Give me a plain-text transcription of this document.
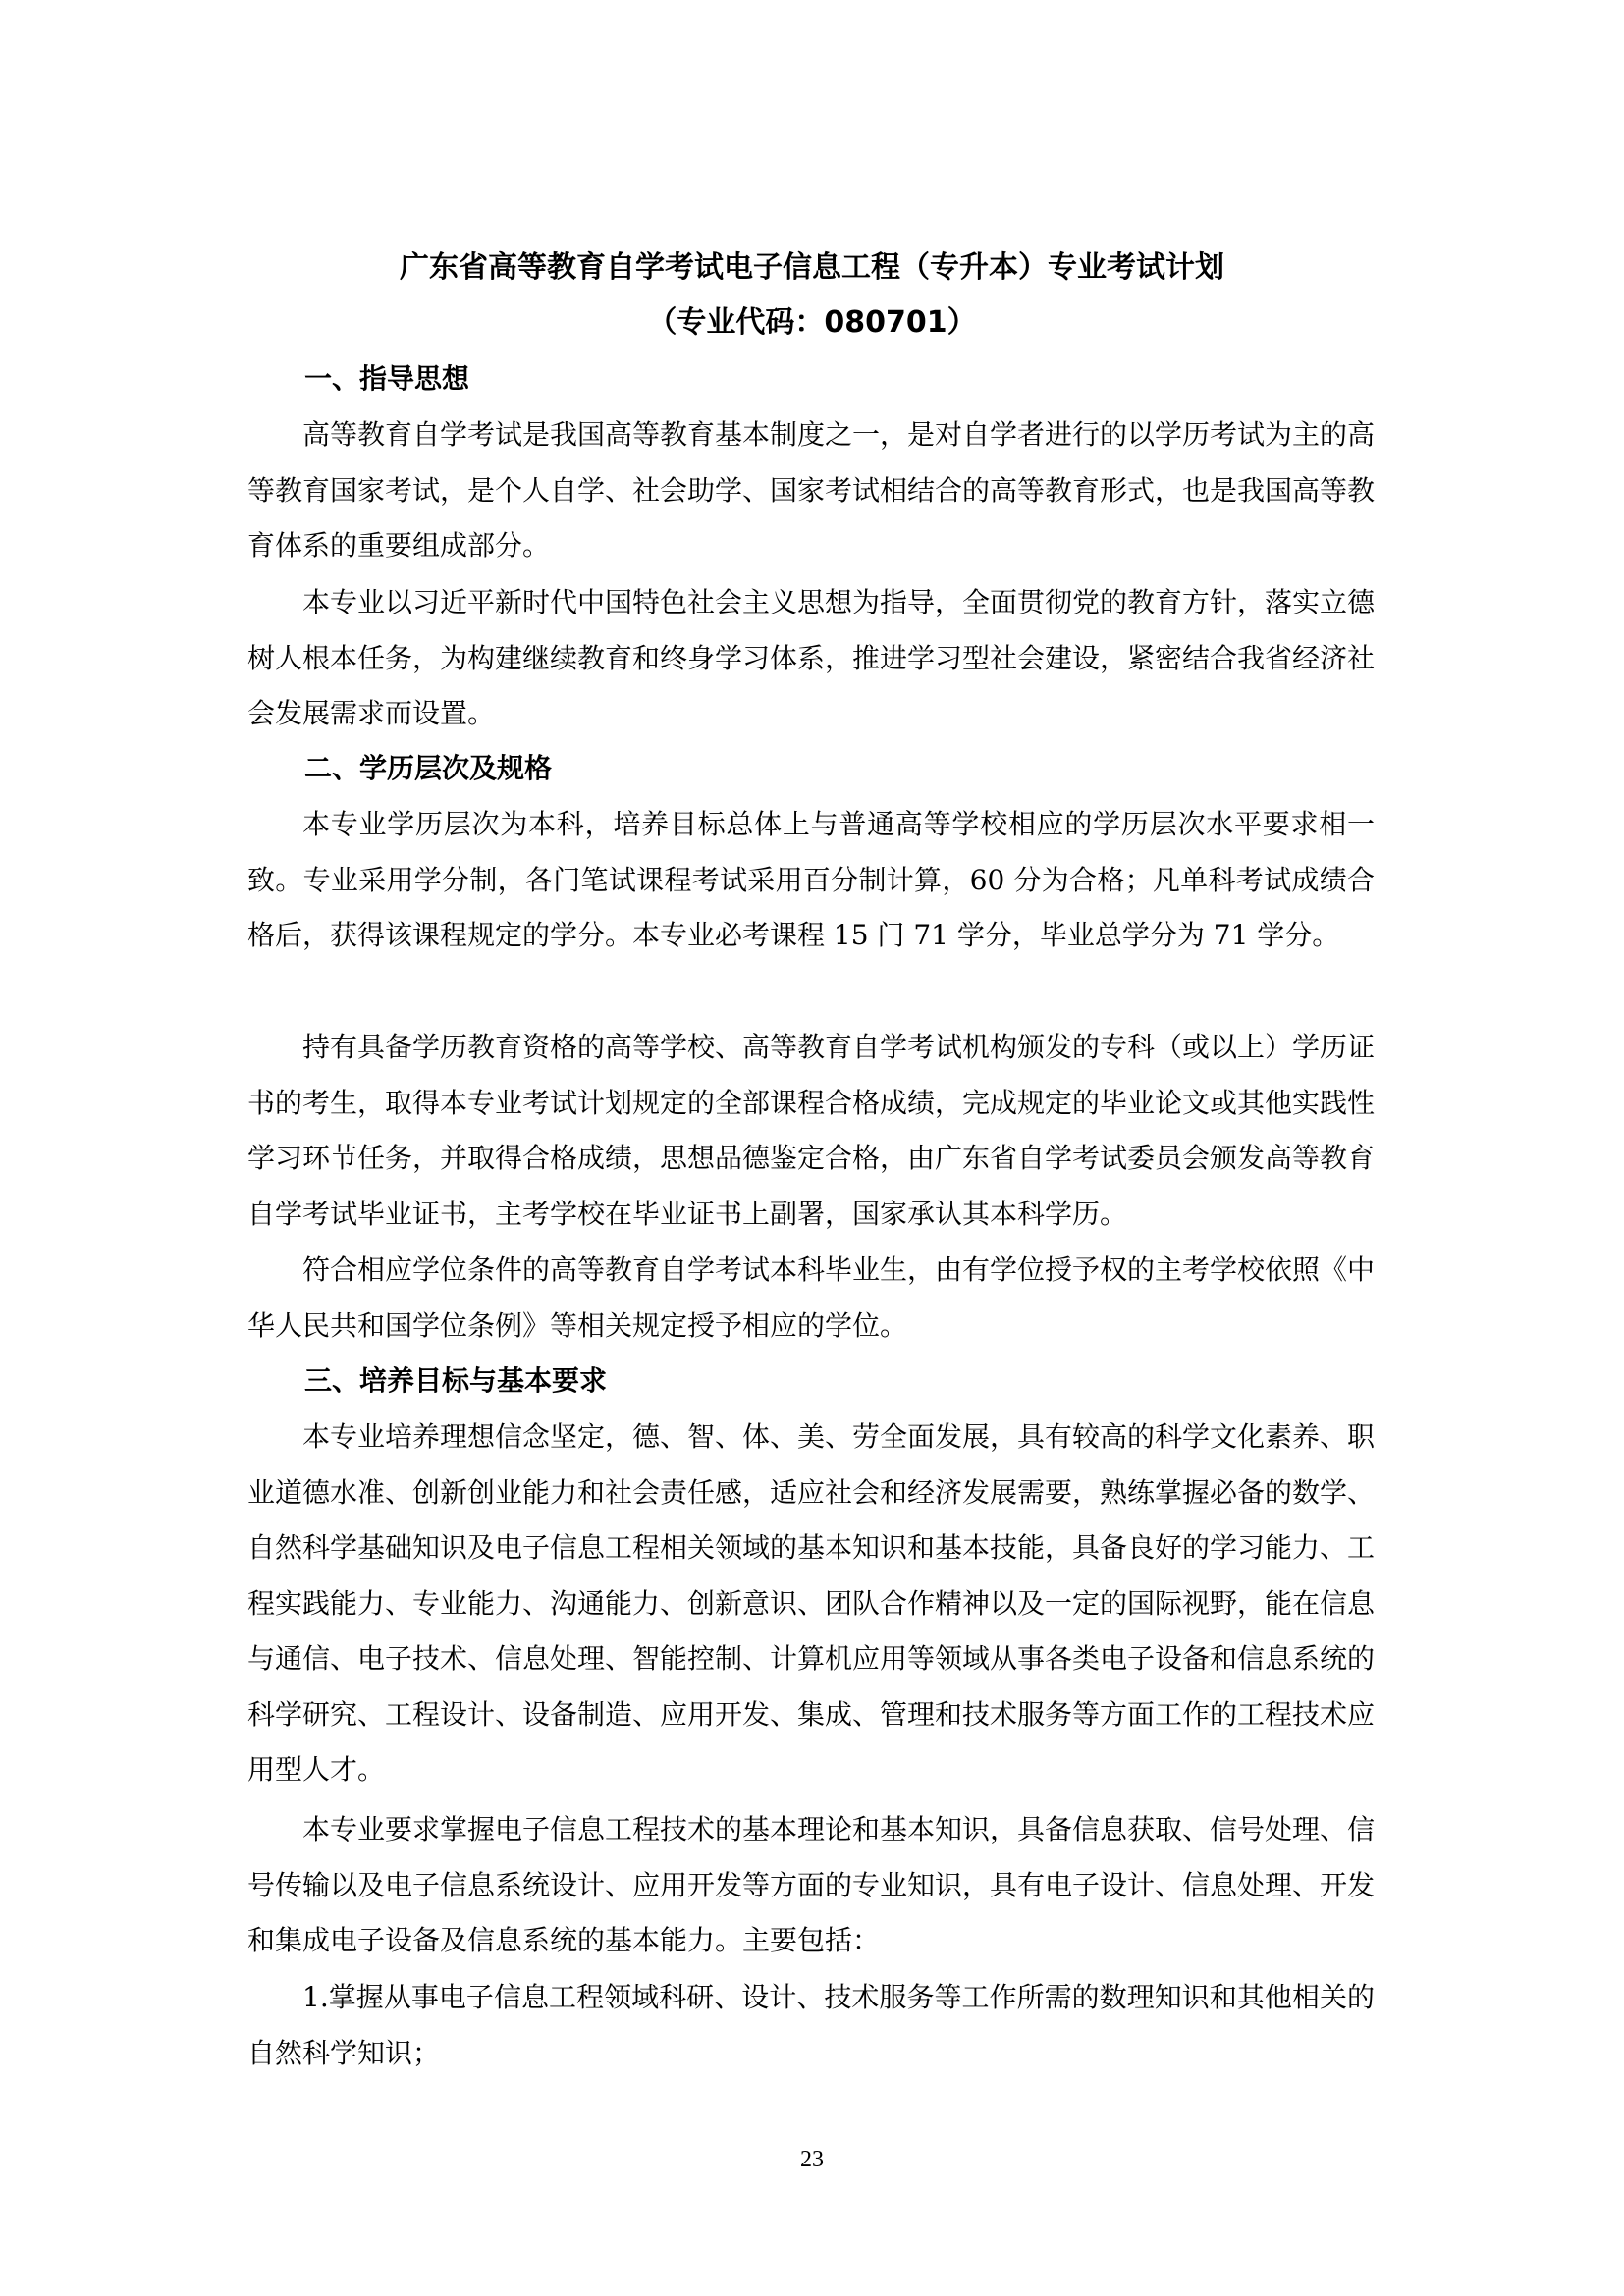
广东省高等教育自学考试电子信息工程（专升本）专业考试计划
（专业代码：080701）
一、指导思想

高等教育自学考试是我国高等教育基本制度之一，是对自学者进行的以学历考试为主的高等教育国家考试，是个人自学、社会助学、国家考试相结合的高等教育形式，也是我国高等教育体系的重要组成部分。

本专业以习近平新时代中国特色社会主义思想为指导，全面贯彻党的教育方针，落实立德树人根本任务，为构建继续教育和终身学习体系，推进学习型社会建设，紧密结合我省经济社会发展需求而设置。

二、学历层次及规格

本专业学历层次为本科，培养目标总体上与普通高等学校相应的学历层次水平要求相一致。专业采用学分制，各门笔试课程考试采用百分制计算，60 分为合格；凡单科考试成绩合格后，获得该课程规定的学分。本专业必考课程 15 门 71 学分，毕业总学分为 71 学分。

持有具备学历教育资格的高等学校、高等教育自学考试机构颁发的专科（或以上）学历证书的考生，取得本专业考试计划规定的全部课程合格成绩，完成规定的毕业论文或其他实践性学习环节任务，并取得合格成绩，思想品德鉴定合格，由广东省自学考试委员会颁发高等教育自学考试毕业证书，主考学校在毕业证书上副署，国家承认其本科学历。

符合相应学位条件的高等教育自学考试本科毕业生，由有学位授予权的主考学校依照《中华人民共和国学位条例》等相关规定授予相应的学位。

三、培养目标与基本要求

本专业培养理想信念坚定，德、智、体、美、劳全面发展，具有较高的科学文化素养、职业道德水准、创新创业能力和社会责任感，适应社会和经济发展需要，熟练掌握必备的数学、自然科学基础知识及电子信息工程相关领域的基本知识和基本技能，具备良好的学习能力、工程实践能力、专业能力、沟通能力、创新意识、团队合作精神以及一定的国际视野，能在信息与通信、电子技术、信息处理、智能控制、计算机应用等领域从事各类电子设备和信息系统的科学研究、工程设计、设备制造、应用开发、集成、管理和技术服务等方面工作的工程技术应用型人才。

本专业要求掌握电子信息工程技术的基本理论和基本知识，具备信息获取、信号处理、信号传输以及电子信息系统设计、应用开发等方面的专业知识，具有电子设计、信息处理、开发和集成电子设备及信息系统的基本能力。主要包括：

1.掌握从事电子信息工程领域科研、设计、技术服务等工作所需的数理知识和其他相关的自然科学知识；

23
